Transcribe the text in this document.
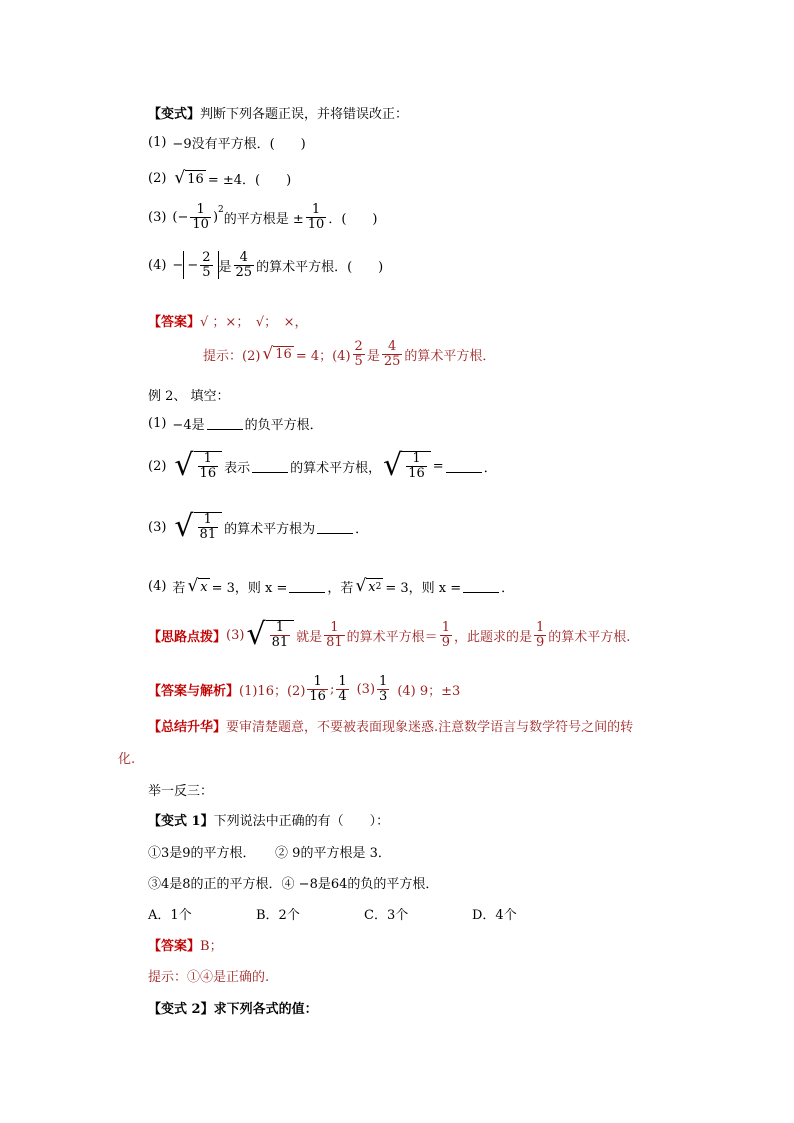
【变式】 判断下列各题正误，并将错误改正：
(1) −9没有平方根．(　　)
(2) √ 16 = ±4．(　　)
(3) (− $\frac{1}{10} )^2$
的平方根是 ± $\frac{1}{10}$ ．(　　)
(4) − − $\frac{2}{5}$ 是 $\frac{4}{25}$ 的算术平方根．(　　)
【答案】 √ ；×；　√；　×，
提示：(2) √ 16 = 4；$(4) \frac{2}{5}$ 是 $\frac{4}{25}$ 的算术平方根．
例 2、 填空：
(1) −4是	的负平方根．
(2) √ $\frac{1}{16}$ 表示	的算术平方根， √ $\frac{1}{16}$ =	．
(3) √ $\frac{1}{81}$ 的算术平方根为	．
(4) 若 √ x = 3，则 x =	，若 √ x 2 = 3，则 x =	．
【思路点拨】 (3) √ $\frac{1}{81}$ 就是 $\frac{1}{81}$ 的算术平方根＝ $\frac{1}{9}$ ，此题求的是 $\frac{1}{9}$ 的算术平方根.
【答案与解析】 (1)16；$(2) \frac{1}{16}$ ; $\frac{1}{4} (3) \frac{1}{3} (4)$ 9；±3
【总结升华】 要审清楚题意，不要被表面现象迷惑.注意数学语言与数学符号之间的转
化.
举一反三：
【变式 1】 下列说法中正确的有（　　）：
①3是9的平方根．　　② 9的平方根是 3．
③4是8的正的平方根．④ −8是64的负的平方根．
A．1个	B．2个	C．3个	D．4个
【答案】 B；
提示：①④是正确的.
【变式 2】 求下列各式的值：
